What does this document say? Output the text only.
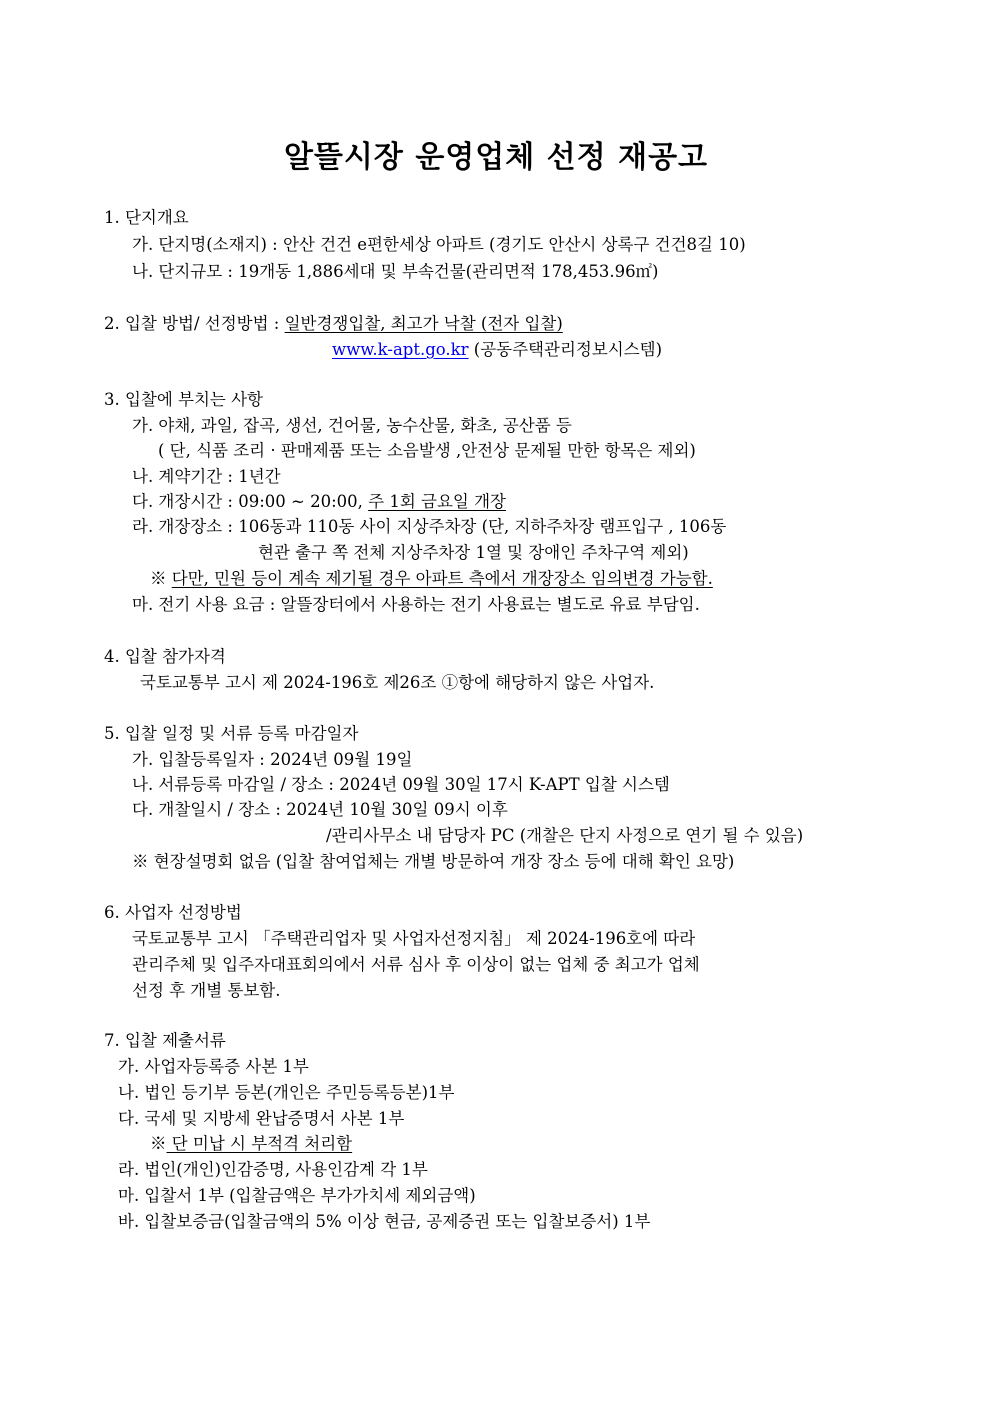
알뜰시장 운영업체 선정 재공고
1. 단지개요
가. 단지명(소재지) : 안산 건건 e편한세상 아파트 (경기도 안산시 상록구 건건8길 10)
나. 단지규모 : 19개동 1,886세대 및 부속건물(관리면적 178,453.96㎡)
2. 입찰 방법/ 선정방법 : 일반경쟁입찰, 최고가 낙찰 (전자 입찰)
www.k-apt.go.kr (공동주택관리정보시스템)
3. 입찰에 부치는 사항
가. 야채, 과일, 잡곡, 생선, 건어물, 농수산물, 화초, 공산품 등
( 단, 식품 조리 · 판매제품 또는 소음발생 ,안전상 문제될 만한 항목은 제외)
나. 계약기간 : 1년간
다. 개장시간 : 09:00 ~ 20:00, 주 1회 금요일 개장
라. 개장장소 : 106동과 110동 사이 지상주차장 (단, 지하주차장 램프입구 , 106동
현관 출구 쪽 전체 지상주차장 1열 및 장애인 주차구역 제외)
※ 다만, 민원 등이 계속 제기될 경우 아파트 측에서 개장장소 임의변경 가능함.
마. 전기 사용 요금 : 알뜰장터에서 사용하는 전기 사용료는 별도로 유료 부담임.
4. 입찰 참가자격
국토교통부 고시 제 2024-196호 제26조 ①항에 해당하지 않은 사업자.
5. 입찰 일정 및 서류 등록 마감일자
가. 입찰등록일자 : 2024년 09월 19일
나. 서류등록 마감일 / 장소 : 2024년 09월 30일 17시 K-APT 입찰 시스템
다. 개찰일시 / 장소 : 2024년 10월 30일 09시 이후
/관리사무소 내 담당자 PC (개찰은 단지 사정으로 연기 될 수 있음)
※ 현장설명회 없음 (입찰 참여업체는 개별 방문하여 개장 장소 등에 대해 확인 요망)
6. 사업자 선정방법
국토교통부 고시 「주택관리업자 및 사업자선정지침」 제 2024-196호에 따라
관리주체 및 입주자대표회의에서 서류 심사 후 이상이 없는 업체 중 최고가 업체
선정 후 개별 통보함.
7. 입찰 제출서류
가. 사업자등록증 사본 1부
나. 법인 등기부 등본(개인은 주민등록등본)1부
다. 국세 및 지방세 완납증명서 사본 1부
※ 단 미납 시 부적격 처리함
라. 법인(개인)인감증명, 사용인감계 각 1부
마. 입찰서 1부 (입찰금액은 부가가치세 제외금액)
바. 입찰보증금(입찰금액의 5% 이상 현금, 공제증권 또는 입찰보증서) 1부
